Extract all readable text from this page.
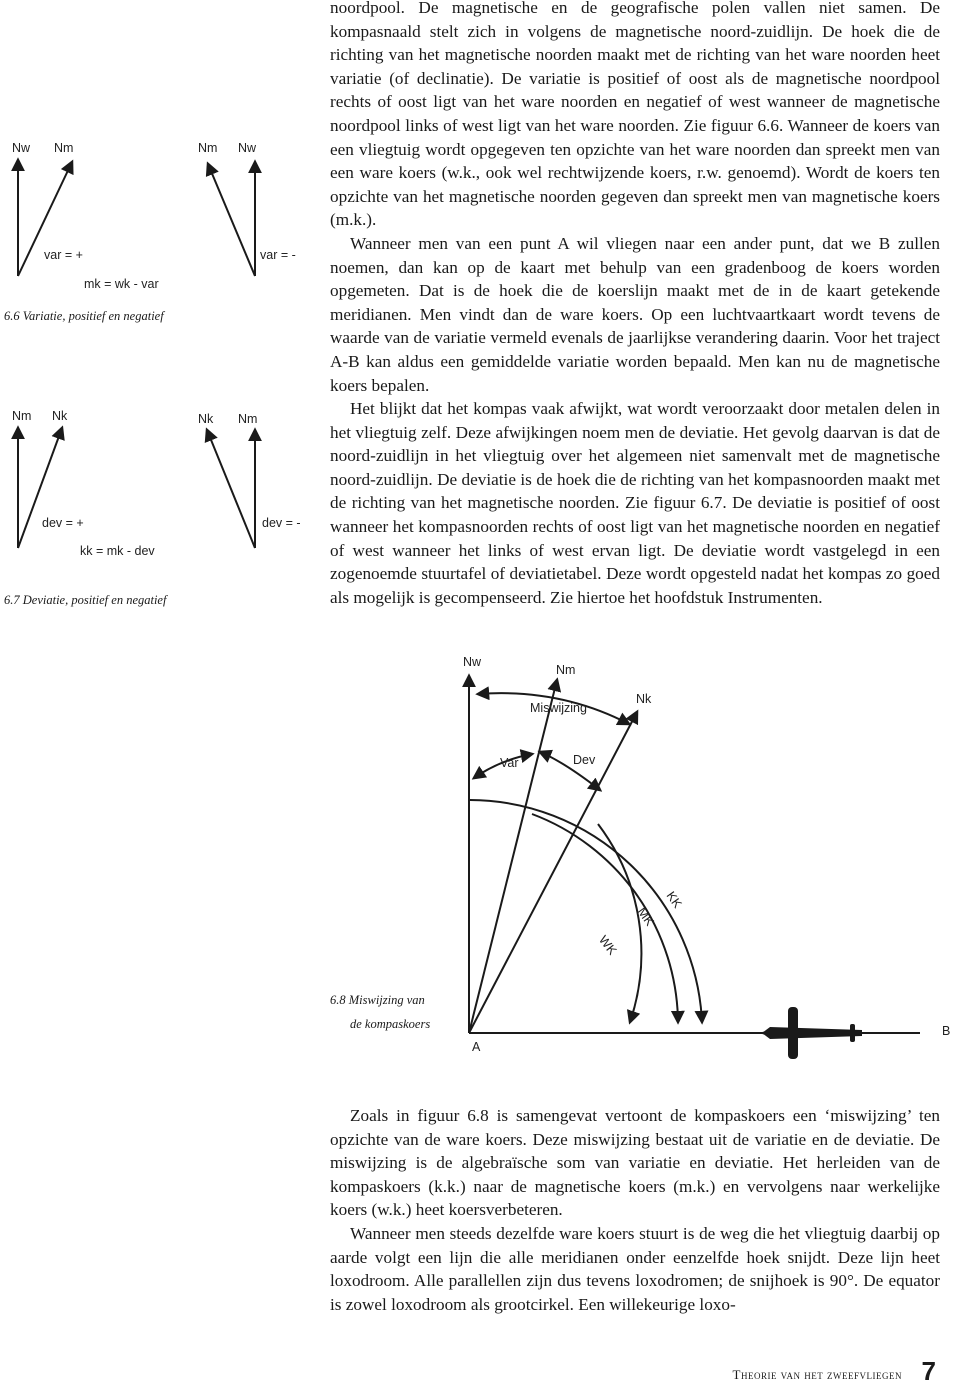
Nw Nm	Nm Nw
var = +	var = -
mk = wk - var
6.6 Variatie, positief en negatief
Nm Nk	Nk Nm
dev = +	dev = -
kk = mk - dev
6.7 Deviatie, positief en negatief

noordpool. De magnetische en de geografische polen vallen niet samen. De kompasnaald stelt zich in volgens de magnetische noord-zuidlijn. De hoek die de richting van het magnetische noorden maakt met de richting van het ware noorden heet variatie (of declinatie). De variatie is positief of oost als de magnetische noordpool rechts of oost ligt van het ware noorden en negatief of west wanneer de magnetische noordpool links of west ligt van het ware noorden. Zie figuur 6.6. Wanneer de koers van een vliegtuig wordt opgegeven ten opzichte van het ware noorden dan spreekt men van een ware koers (w.k., ook wel rechtwijzende koers, r.w. genoemd). Wordt de koers ten opzichte van het magnetische noorden gegeven dan spreekt men van magnetische koers (m.k.).

Wanneer men van een punt A wil vliegen naar een ander punt, dat we B zullen noemen, dan kan op de kaart met behulp van een gradenboog de koers worden opgemeten. Dat is de hoek die de koerslijn maakt met de in de kaart getekende meridianen. Men vindt dan de ware koers. Op een luchtvaartkaart wordt tevens de waarde van de variatie vermeld evenals de jaarlijkse verandering daarin. Voor het traject A-B kan aldus een gemiddelde variatie worden bepaald. Men kan nu de magnetische koers bepalen.

Het blijkt dat het kompas vaak afwijkt, wat wordt veroorzaakt door metalen delen in het vliegtuig zelf. Deze afwijkingen noem men de deviatie. Het gevolg daarvan is dat de noord-zuidlijn in het vliegtuig over het algemeen niet samenvalt met de magnetische noord-zuidlijn. De deviatie is de hoek die de richting van het kompasnoorden maakt met de richting van het magnetische noorden. Zie figuur 6.7. De deviatie is positief of oost wanneer het kompasnoorden rechts of oost ligt van het magnetische noorden en negatief of west wanneer het links of west ervan ligt. De deviatie wordt vastgelegd in een zogenoemde stuurtafel of deviatietabel. Deze wordt opgesteld nadat het kompas zo goed als mogelijk is gecompenseerd. Zie hiertoe het hoofdstuk Instrumenten.

Nw
Nm
Nk
Miswijzing
Var	Dev
WK
MK
KK
A
B
6.8 Miswijzing van
de kompaskoers

Zoals in figuur 6.8 is samengevat vertoont de kompaskoers een ‘miswijzing’ ten opzichte van de ware koers. Deze miswijzing bestaat uit de variatie en de deviatie. De miswijzing is de algebraïsche som van variatie en deviatie. Het herleiden van de kompaskoers (k.k.) naar de magnetische koers (m.k.) en vervolgens naar werkelijke koers (w.k.) heet koersverbeteren.

Wanneer men steeds dezelfde ware koers stuurt is de weg die het vliegtuig daarbij op aarde volgt een lijn die alle meridianen onder eenzelfde hoek snijdt. Deze lijn heet loxodroom. Alle parallellen zijn dus tevens loxodromen; de snijhoek is 90°. De equator is zowel loxodroom als grootcirkel. Een willekeurige loxo-

Theorie van het zweefvliegen 7
